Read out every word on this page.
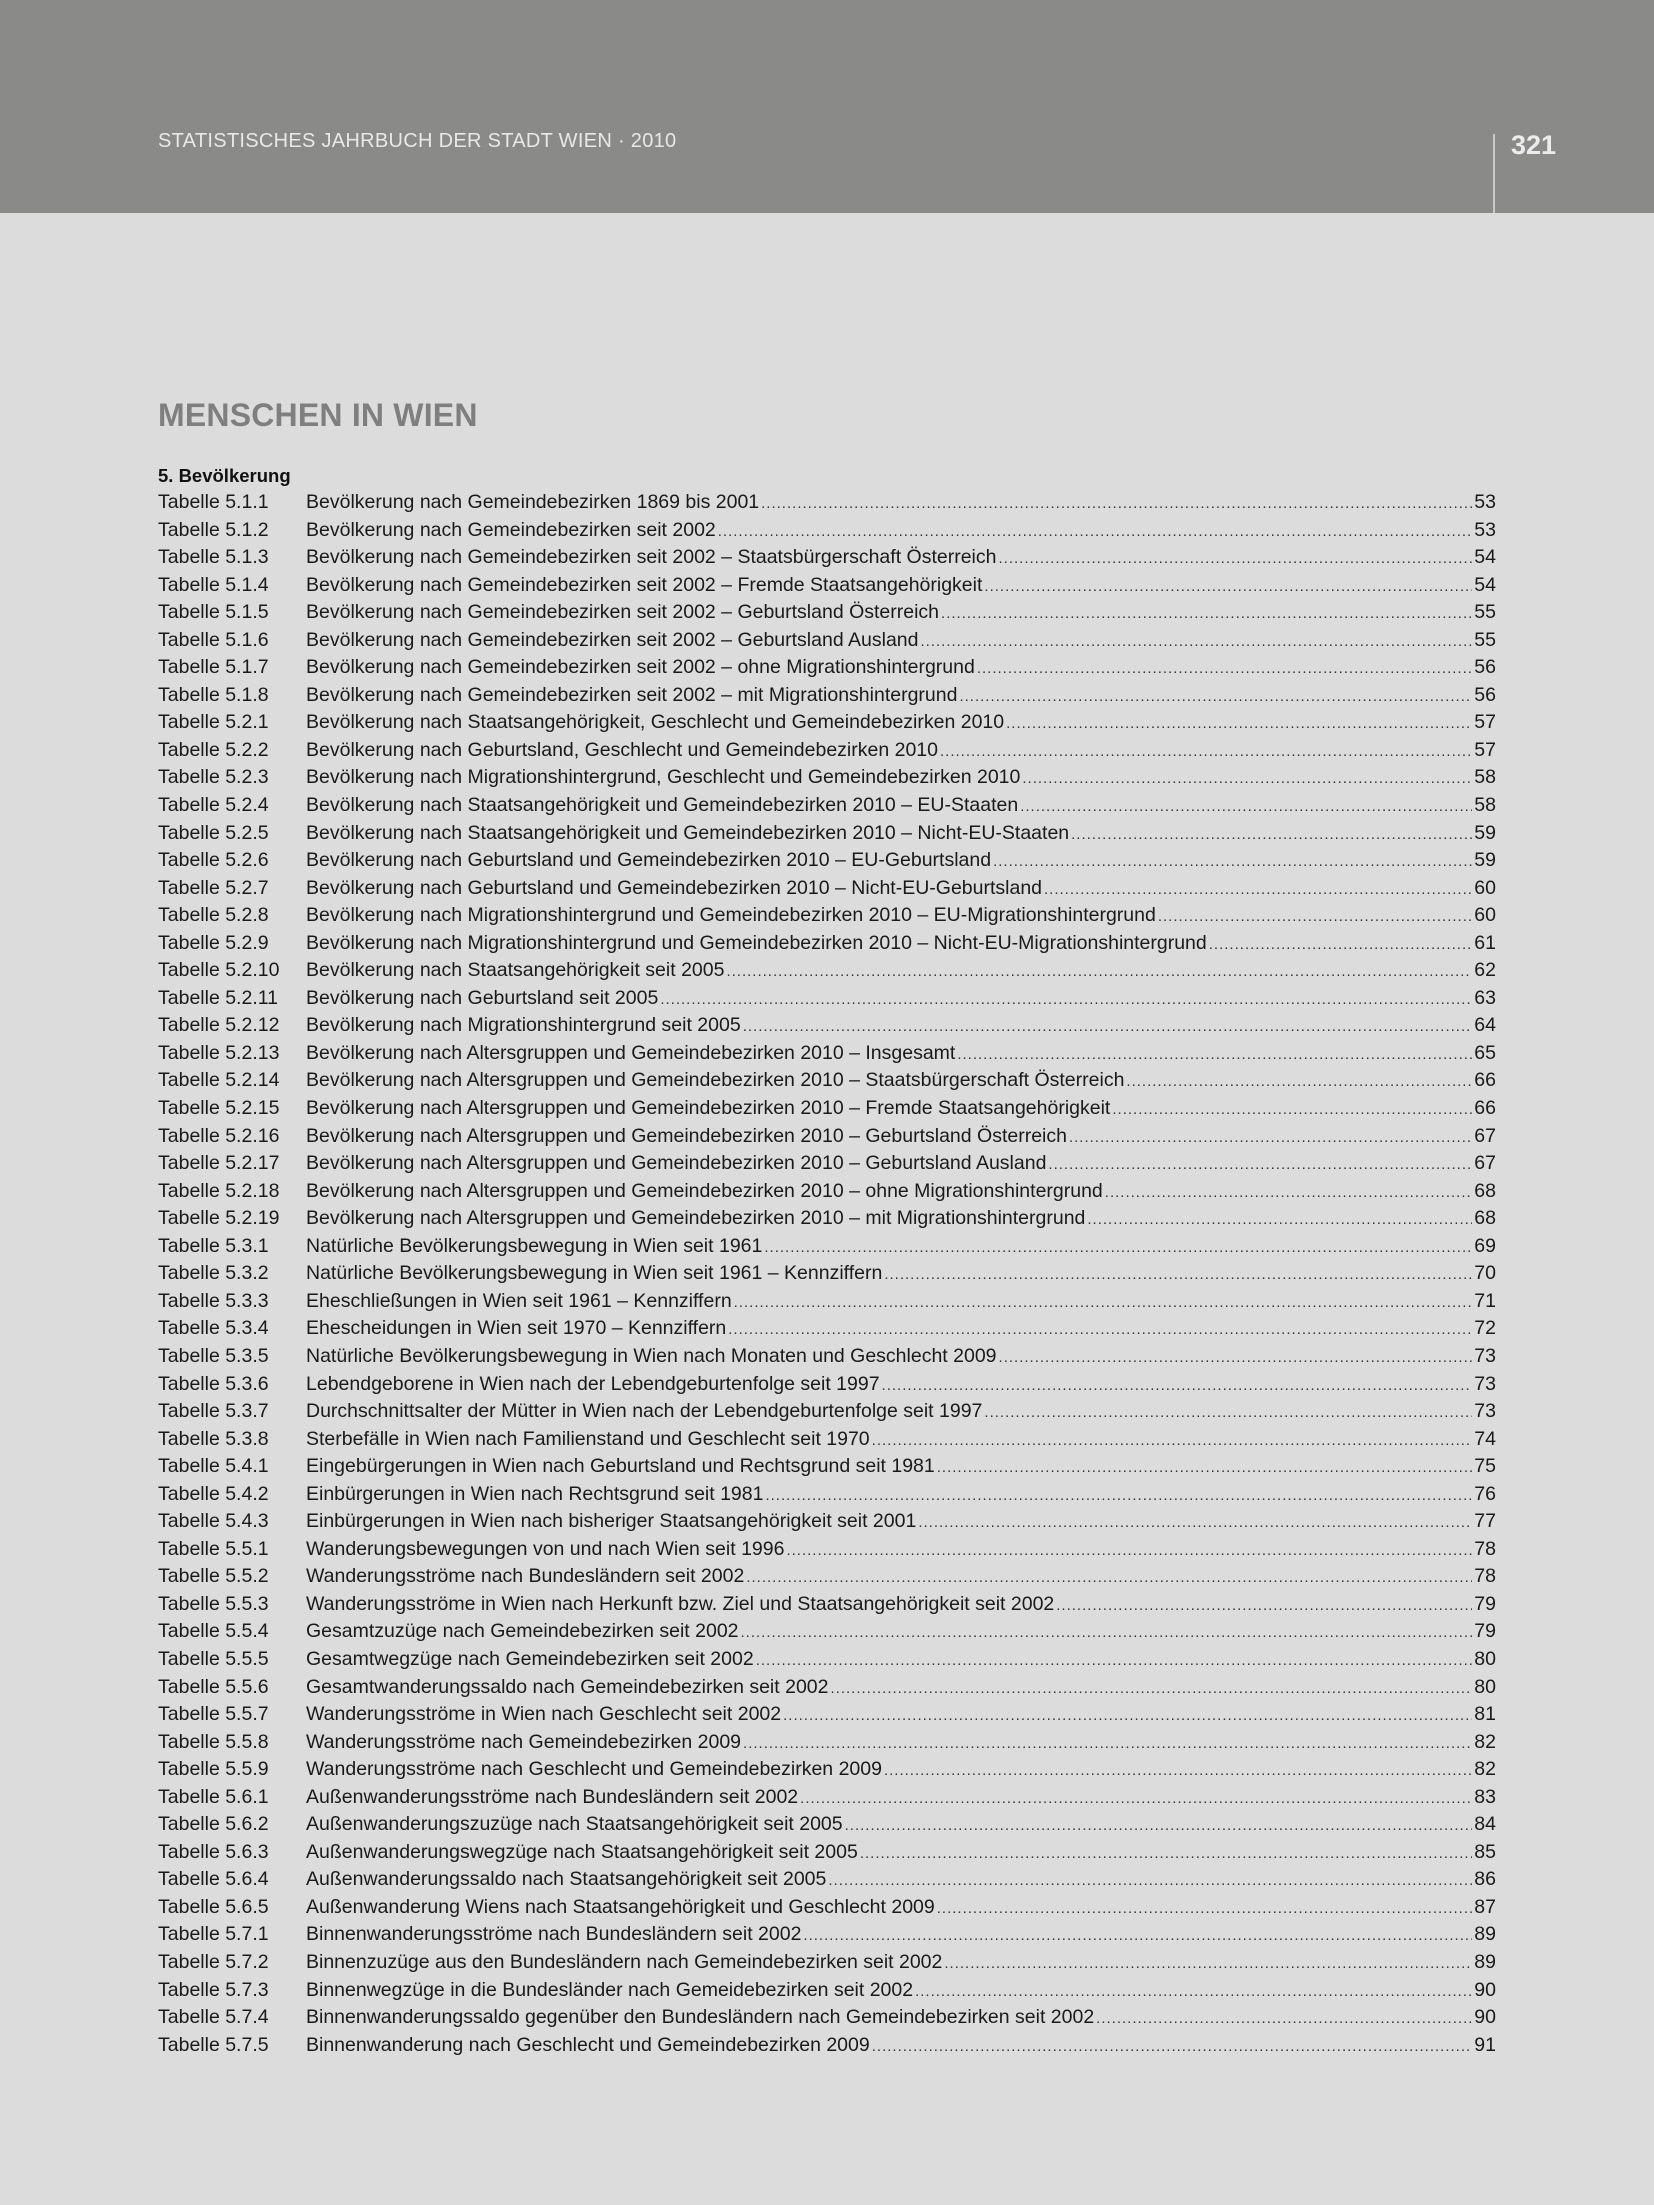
STATISTISCHES JAHRBUCH DER STADT WIEN · 2010	321
MENSCHEN IN WIEN
5. Bevölkerung
Tabelle 5.1.1	Bevölkerung nach Gemeindebezirken 1869 bis 2001 .....	53
Tabelle 5.1.2	Bevölkerung nach Gemeindebezirken seit 2002 .....	53
Tabelle 5.1.3	Bevölkerung nach Gemeindebezirken seit 2002 – Staatsbürgerschaft Österreich .....	54
Tabelle 5.1.4	Bevölkerung nach Gemeindebezirken seit 2002 – Fremde Staatsangehörigkeit .....	54
Tabelle 5.1.5	Bevölkerung nach Gemeindebezirken seit 2002 – Geburtsland Österreich .....	55
Tabelle 5.1.6	Bevölkerung nach Gemeindebezirken seit 2002 – Geburtsland Ausland .....	55
Tabelle 5.1.7	Bevölkerung nach Gemeindebezirken seit 2002 – ohne Migrationshintergrund .....	56
Tabelle 5.1.8	Bevölkerung nach Gemeindebezirken seit 2002 – mit Migrationshintergrund .....	56
Tabelle 5.2.1	Bevölkerung nach Staatsangehörigkeit, Geschlecht und Gemeindebezirken 2010 .....	57
Tabelle 5.2.2	Bevölkerung nach Geburtsland, Geschlecht und Gemeindebezirken 2010 .....	57
Tabelle 5.2.3	Bevölkerung nach Migrationshintergrund, Geschlecht und Gemeindebezirken 2010 .....	58
Tabelle 5.2.4	Bevölkerung nach Staatsangehörigkeit und Gemeindebezirken 2010 – EU-Staaten .....	58
Tabelle 5.2.5	Bevölkerung nach Staatsangehörigkeit und Gemeindebezirken 2010 – Nicht-EU-Staaten .....	59
Tabelle 5.2.6	Bevölkerung nach Geburtsland und Gemeindebezirken 2010 – EU-Geburtsland .....	59
Tabelle 5.2.7	Bevölkerung nach Geburtsland und Gemeindebezirken 2010 – Nicht-EU-Geburtsland .....	60
Tabelle 5.2.8	Bevölkerung nach Migrationshintergrund und Gemeindebezirken 2010 – EU-Migrationshintergrund .....	60
Tabelle 5.2.9	Bevölkerung nach Migrationshintergrund und Gemeindebezirken 2010 – Nicht-EU-Migrationshintergrund .....	61
Tabelle 5.2.10	Bevölkerung nach Staatsangehörigkeit seit 2005 .....	62
Tabelle 5.2.11	Bevölkerung nach Geburtsland seit 2005 .....	63
Tabelle 5.2.12	Bevölkerung nach Migrationshintergrund seit 2005 .....	64
Tabelle 5.2.13	Bevölkerung nach Altersgruppen und Gemeindebezirken 2010 – Insgesamt .....	65
Tabelle 5.2.14	Bevölkerung nach Altersgruppen und Gemeindebezirken 2010 – Staatsbürgerschaft Österreich .....	66
Tabelle 5.2.15	Bevölkerung nach Altersgruppen und Gemeindebezirken 2010 – Fremde Staatsangehörigkeit .....	66
Tabelle 5.2.16	Bevölkerung nach Altersgruppen und Gemeindebezirken 2010 – Geburtsland Österreich .....	67
Tabelle 5.2.17	Bevölkerung nach Altersgruppen und Gemeindebezirken 2010 – Geburtsland Ausland .....	67
Tabelle 5.2.18	Bevölkerung nach Altersgruppen und Gemeindebezirken 2010 – ohne Migrationshintergrund .....	68
Tabelle 5.2.19	Bevölkerung nach Altersgruppen und Gemeindebezirken 2010 – mit Migrationshintergrund .....	68
Tabelle 5.3.1	Natürliche Bevölkerungsbewegung in Wien seit 1961 .....	69
Tabelle 5.3.2	Natürliche Bevölkerungsbewegung in Wien seit 1961 – Kennziffern .....	70
Tabelle 5.3.3	Eheschließungen in Wien seit 1961 – Kennziffern .....	71
Tabelle 5.3.4	Ehescheidungen in Wien seit 1970 – Kennziffern .....	72
Tabelle 5.3.5	Natürliche Bevölkerungsbewegung in Wien nach Monaten und Geschlecht 2009 .....	73
Tabelle 5.3.6	Lebendgeborene in Wien nach der Lebendgeburtenfolge seit 1997 .....	73
Tabelle 5.3.7	Durchschnittsalter der Mütter in Wien nach der Lebendgeburtenfolge seit 1997 .....	73
Tabelle 5.3.8	Sterbefälle in Wien nach Familienstand und Geschlecht seit 1970 .....	74
Tabelle 5.4.1	Eingebürgerungen in Wien nach Geburtsland und Rechtsgrund seit 1981 .....	75
Tabelle 5.4.2	Einbürgerungen in Wien nach Rechtsgrund seit 1981 .....	76
Tabelle 5.4.3	Einbürgerungen in Wien nach bisheriger Staatsangehörigkeit seit 2001 .....	77
Tabelle 5.5.1	Wanderungsbewegungen von und nach Wien seit 1996 .....	78
Tabelle 5.5.2	Wanderungsströme nach Bundesländern seit 2002 .....	78
Tabelle 5.5.3	Wanderungsströme in Wien nach Herkunft bzw. Ziel und Staatsangehörigkeit seit 2002 .....	79
Tabelle 5.5.4	Gesamtzuzüge nach Gemeindebezirken seit 2002 .....	79
Tabelle 5.5.5	Gesamtwegzüge nach Gemeindebezirken seit 2002 .....	80
Tabelle 5.5.6	Gesamtwanderungssaldo nach Gemeindebezirken seit 2002 .....	80
Tabelle 5.5.7	Wanderungsströme in Wien nach Geschlecht seit 2002 .....	81
Tabelle 5.5.8	Wanderungsströme nach Gemeindebezirken 2009 .....	82
Tabelle 5.5.9	Wanderungsströme nach Geschlecht und Gemeindebezirken 2009 .....	82
Tabelle 5.6.1	Außenwanderungsströme nach Bundesländern seit 2002 .....	83
Tabelle 5.6.2	Außenwanderungszuzüge nach Staatsangehörigkeit seit 2005 .....	84
Tabelle 5.6.3	Außenwanderungswegzüge nach Staatsangehörigkeit seit 2005 .....	85
Tabelle 5.6.4	Außenwanderungssaldo nach Staatsangehörigkeit seit 2005 .....	86
Tabelle 5.6.5	Außenwanderung Wiens nach Staatsangehörigkeit und Geschlecht 2009 .....	87
Tabelle 5.7.1	Binnenwanderungsströme nach Bundesländern seit 2002 .....	89
Tabelle 5.7.2	Binnenzuzüge aus den Bundesländern nach Gemeindebezirken seit 2002 .....	89
Tabelle 5.7.3	Binnenwegzüge in die Bundesländer nach Gemeidebezirken seit 2002 .....	90
Tabelle 5.7.4	Binnenwanderungssaldo gegenüber den Bundesländern nach Gemeindebezirken seit 2002 .....	90
Tabelle 5.7.5	Binnenwanderung nach Geschlecht und Gemeindebezirken 2009 .....	91
